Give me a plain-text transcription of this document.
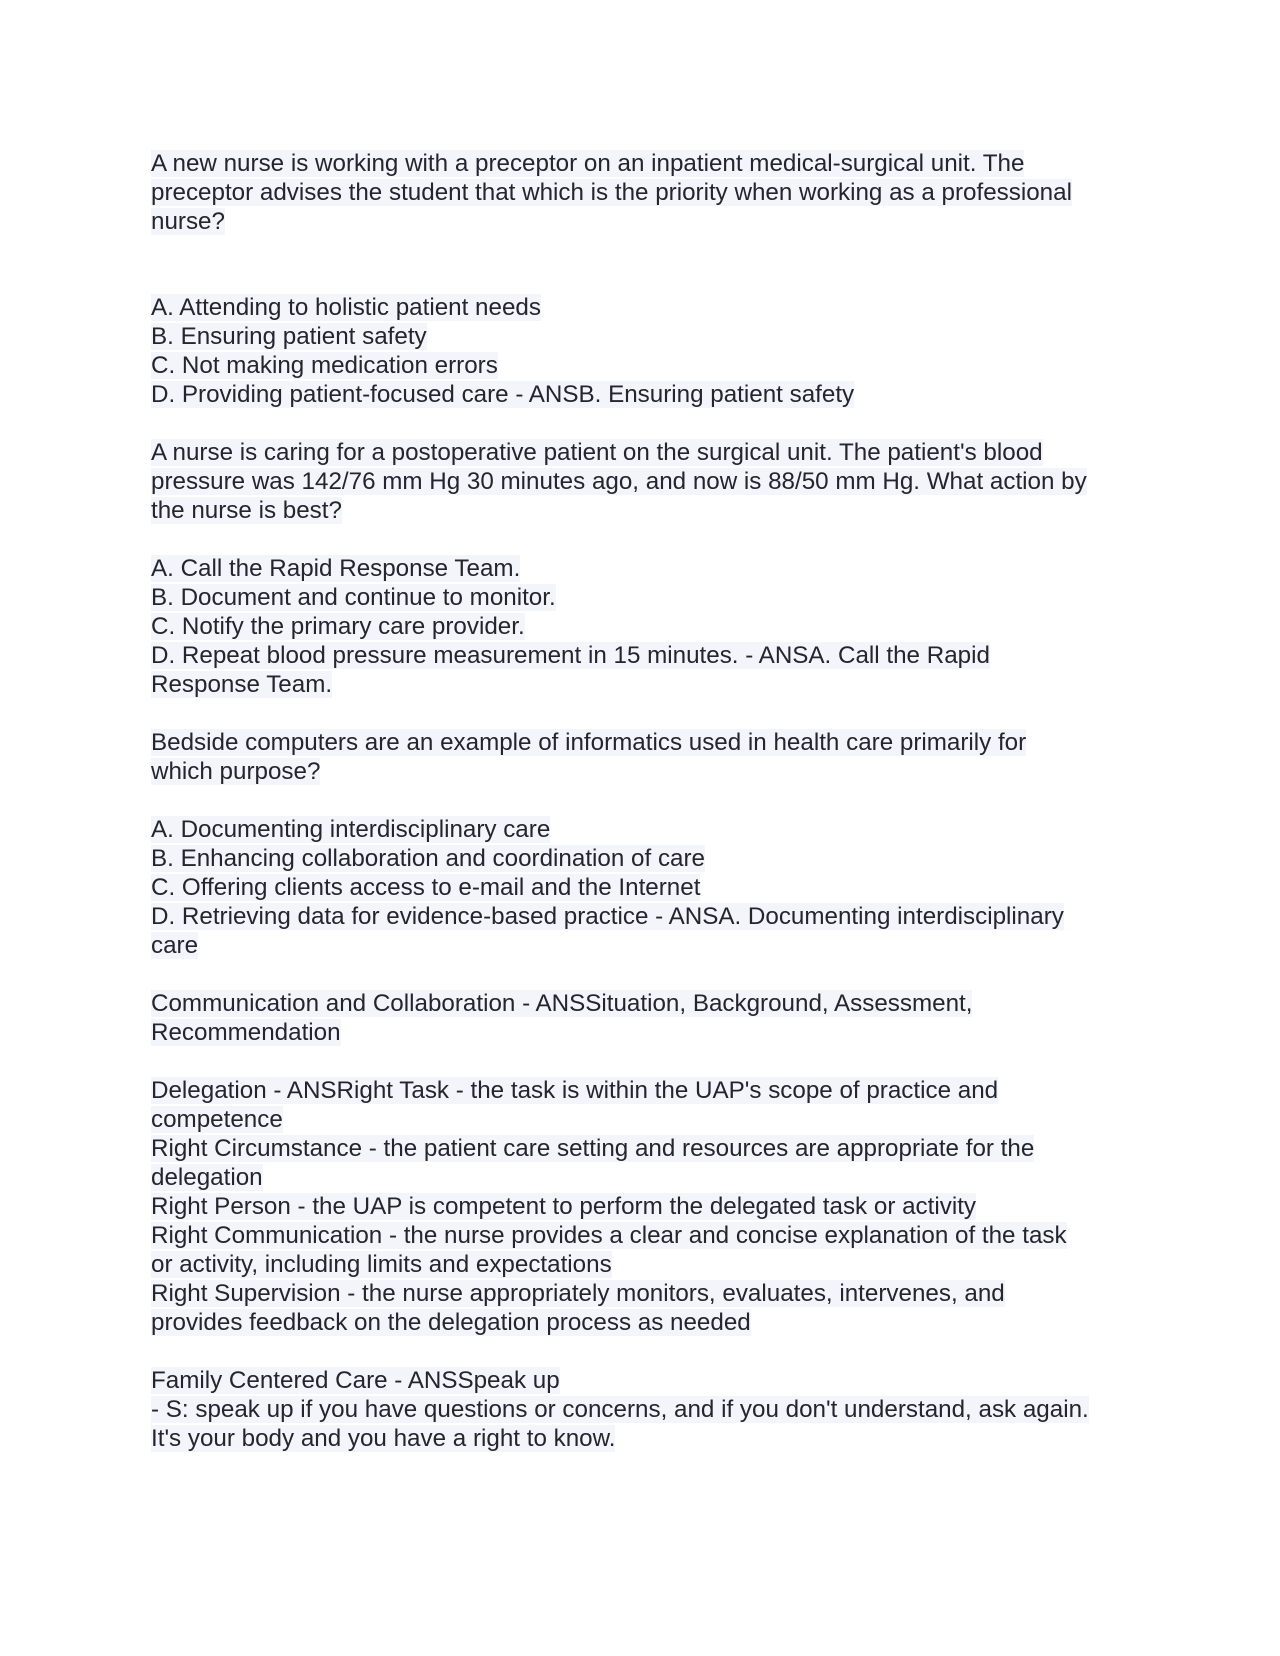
A new nurse is working with a preceptor on an inpatient medical-surgical unit. The
preceptor advises the student that which is the priority when working as a professional
nurse?
A. Attending to holistic patient needs
B. Ensuring patient safety
C. Not making medication errors
D. Providing patient-focused care - ANSB. Ensuring patient safety
A nurse is caring for a postoperative patient on the surgical unit. The patient's blood
pressure was 142/76 mm Hg 30 minutes ago, and now is 88/50 mm Hg. What action by
the nurse is best?
A. Call the Rapid Response Team.
B. Document and continue to monitor.
C. Notify the primary care provider.
D. Repeat blood pressure measurement in 15 minutes. - ANSA. Call the Rapid
Response Team.
Bedside computers are an example of informatics used in health care primarily for
which purpose?
A. Documenting interdisciplinary care
B. Enhancing collaboration and coordination of care
C. Offering clients access to e-mail and the Internet
D. Retrieving data for evidence-based practice - ANSA. Documenting interdisciplinary
care
Communication and Collaboration - ANSSituation, Background, Assessment,
Recommendation
Delegation - ANSRight Task - the task is within the UAP's scope of practice and
competence
Right Circumstance - the patient care setting and resources are appropriate for the
delegation
Right Person - the UAP is competent to perform the delegated task or activity
Right Communication - the nurse provides a clear and concise explanation of the task
or activity, including limits and expectations
Right Supervision - the nurse appropriately monitors, evaluates, intervenes, and
provides feedback on the delegation process as needed
Family Centered Care - ANSSpeak up
- S: speak up if you have questions or concerns, and if you don't understand, ask again.
It's your body and you have a right to know.
